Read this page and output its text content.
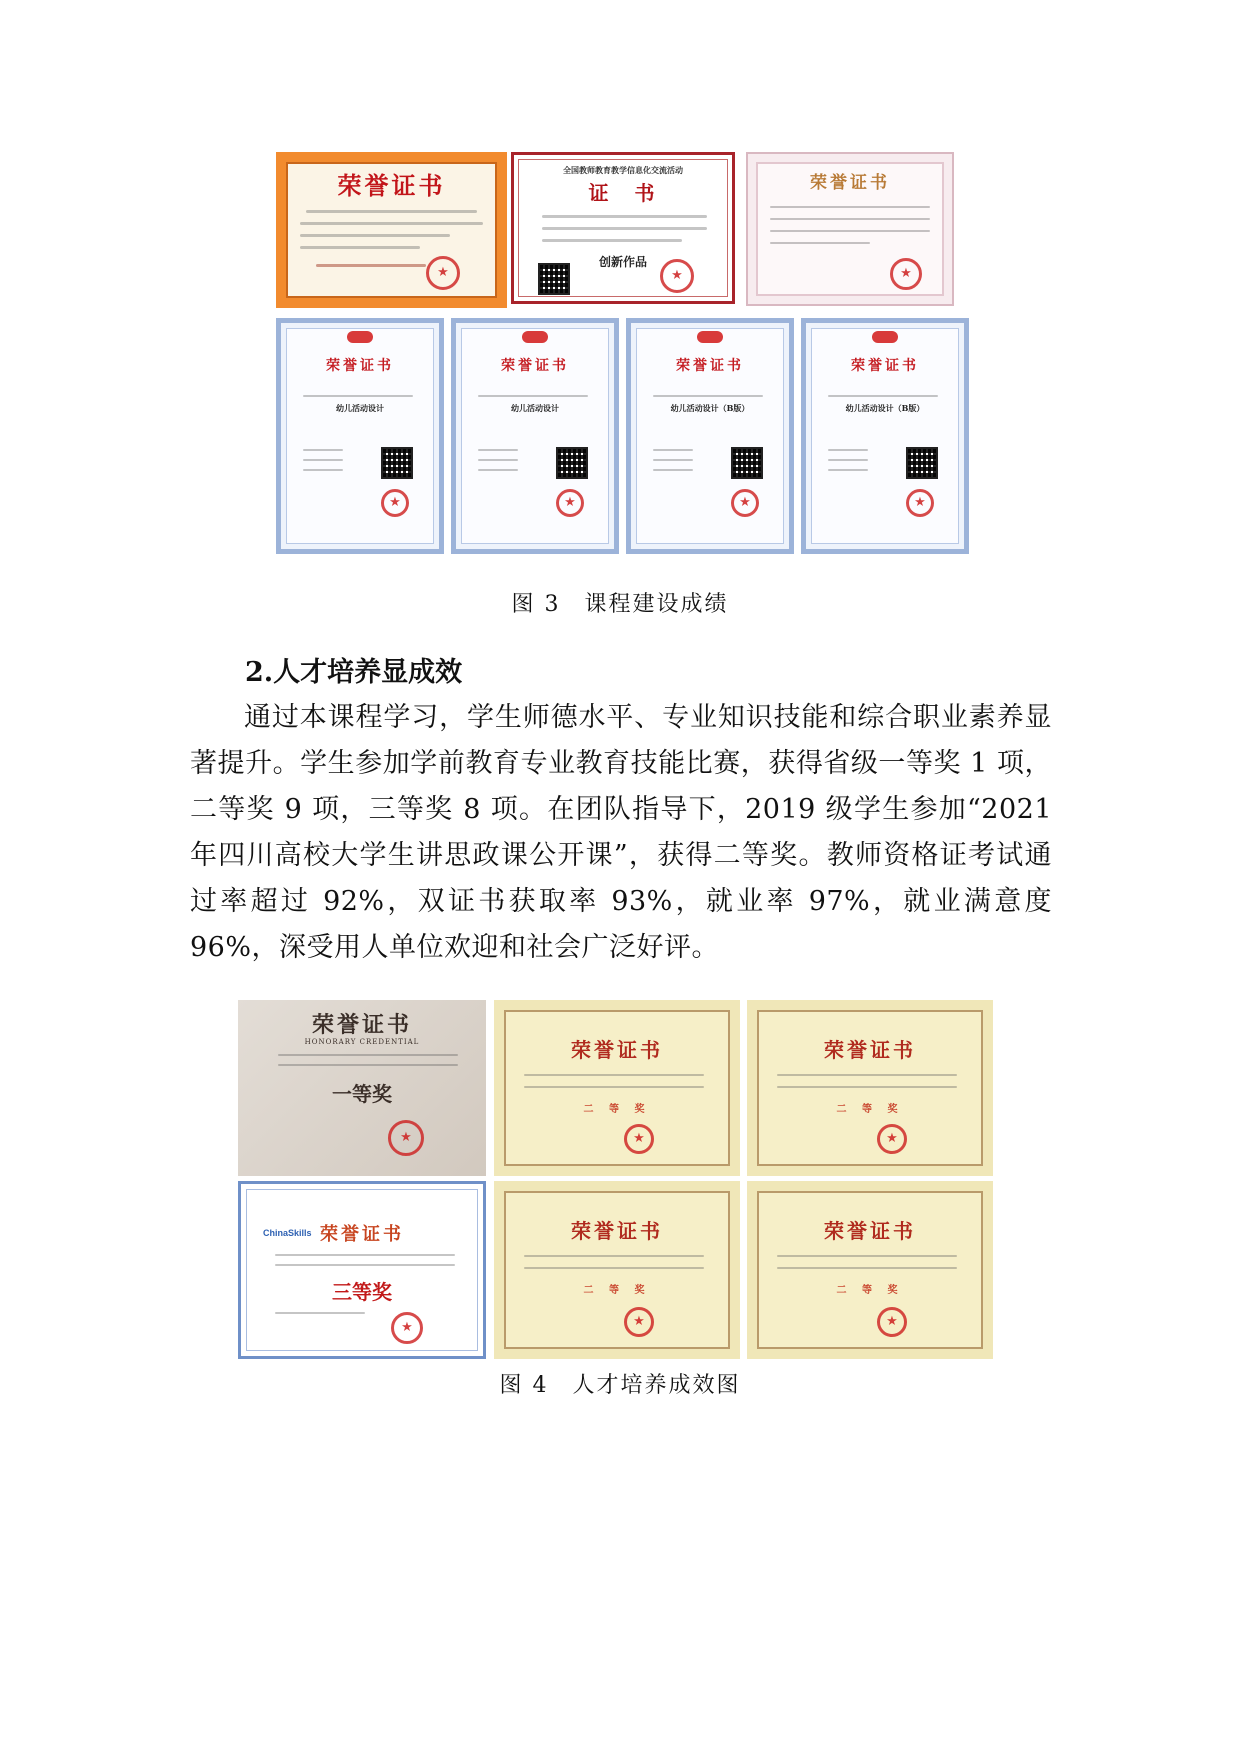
荣誉证书
★
全国教师教育教学信息化交流活动
证　书
创新作品
★
荣誉证书
★
荣誉证书
幼儿活动设计
★
荣誉证书
幼儿活动设计
★
荣誉证书
幼儿活动设计（B版）
★
荣誉证书
幼儿活动设计（B版）
★
图 3　课程建设成绩
2.人才培养显成效
通过本课程学习，学生师德水平、专业知识技能和综合职业素养显著提升。学生参加学前教育专业教育技能比赛，获得省级一等奖 1 项，二等奖 9 项，三等奖 8 项。在团队指导下，2019 级学生参加“2021 年四川高校大学生讲思政课公开课”，获得二等奖。教师资格证考试通过率超过 92%，双证书获取率 93%，就业率 97%，就业满意度 96%，深受用人单位欢迎和社会广泛好评。
荣誉证书
HONORARY CREDENTIAL
一等奖
★
荣誉证书
二 等 奖
★
荣誉证书
二 等 奖
★
ChinaSkills 荣誉证书
三等奖
★
荣誉证书
二 等 奖
★
荣誉证书
二 等 奖
★
图 4　人才培养成效图
